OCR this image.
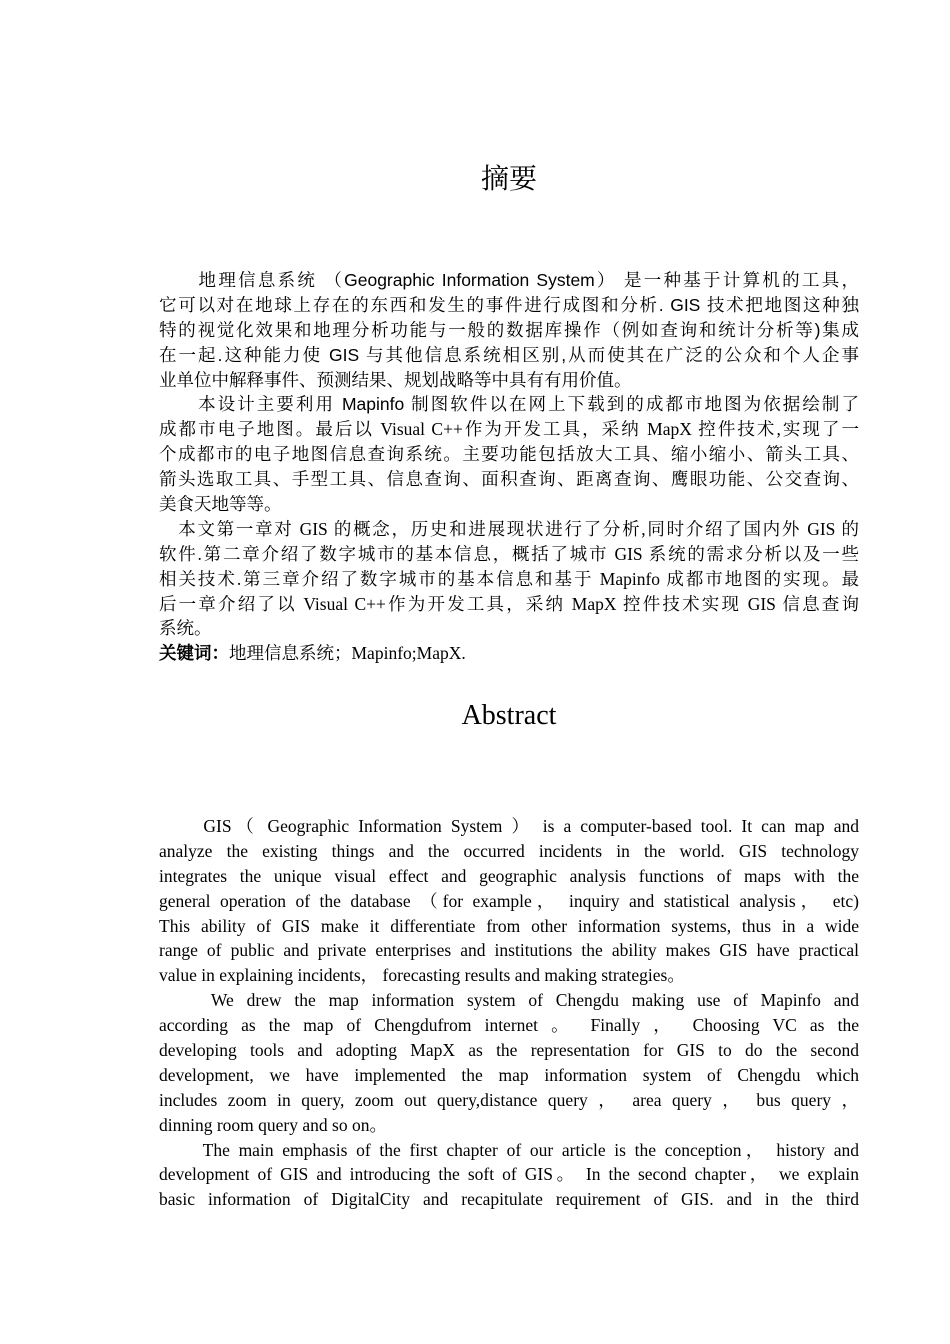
摘要
　　地理信息系统 （Geographic Information System） 是一种基于计算机的工具，
它可以对在地球上存在的东西和发生的事件进行成图和分析. GIS 技术把地图这种独
特的视觉化效果和地理分析功能与一般的数据库操作（例如查询和统计分析等)集成
在一起.这种能力使 GIS 与其他信息系统相区别,从而使其在广泛的公众和个人企事
业单位中解释事件、预测结果、规划战略等中具有有用价值。
　　本设计主要利用 Mapinfo 制图软件以在网上下载到的成都市地图为依据绘制了
成都市电子地图。最后以 Visual C++作为开发工具，采纳 MapX 控件技术,实现了一
个成都市的电子地图信息查询系统。主要功能包括放大工具、缩小缩小、箭头工具、
箭头选取工具、手型工具、信息查询、面积查询、距离查询、鹰眼功能、公交查询、
美食天地等等。
　本文第一章对 GIS 的概念，历史和进展现状进行了分析,同时介绍了国内外 GIS 的
软件.第二章介绍了数字城市的基本信息，概括了城市 GIS 系统的需求分析以及一些
相关技术.第三章介绍了数字城市的基本信息和基于 Mapinfo 成都市地图的实现。最
后一章介绍了以 Visual C++作为开发工具，采纳 MapX 控件技术实现 GIS 信息查询
系统。
关键词：地理信息系统；Mapinfo;MapX.
Abstract
　　GIS（ Geographic Information System ） is a computer-based tool. It can map and
analyze the existing things and the occurred incidents in the world. GIS technology
integrates the unique visual effect and geographic analysis functions of maps with the
general operation of the database （for example， inquiry and statistical analysis， etc)
This ability of GIS make it differentiate from other information systems, thus in a wide
range of public and private enterprises and institutions the ability makes GIS have practical
value in explaining incidents， forecasting results and making strategies。
　　We drew the map information system of Chengdu making use of Mapinfo and
according as the map of Chengdufrom internet 。 Finally ， Choosing VC as the
developing tools and adopting MapX as the representation for GIS to do the second
development, we have implemented the map information system of Chengdu which
includes zoom in query, zoom out query,distance query ， area query ， bus query ，
dinning room query and so on。
　　The main emphasis of the first chapter of our article is the conception， history and
development of GIS and introducing the soft of GIS。 In the second chapter， we explain
basic information of DigitalCity and recapitulate requirement of GIS. and in the third
